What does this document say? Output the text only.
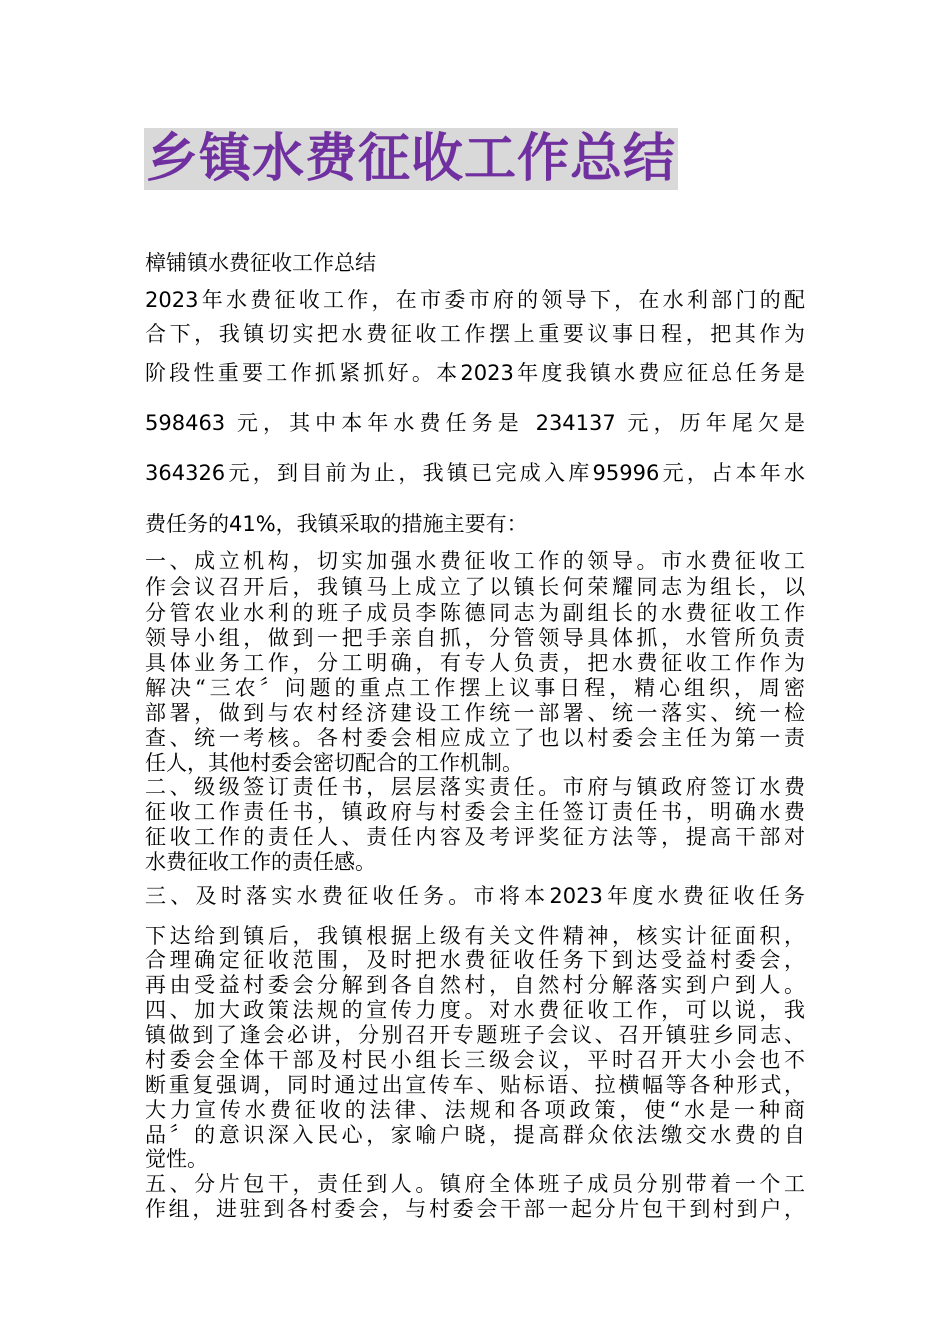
乡镇水费征收工作总结
樟铺镇水费征收工作总结
2023年水费征收工作，在市委市府的领导下，在水利部门的配
合下，我镇切实把水费征收工作摆上重要议事日程，把其作为
阶段性重要工作抓紧抓好。本2023年度我镇水费应征总任务是
598463 元，其中本年水费任务是 234137 元，历年尾欠是
364326元，到目前为止，我镇已完成入库95996元，占本年水
费任务的41%，我镇采取的措施主要有：
一、成立机构，切实加强水费征收工作的领导。市水费征收工
作会议召开后，我镇马上成立了以镇长何荣耀同志为组长，以
分管农业水利的班子成员李陈德同志为副组长的水费征收工作
领导小组，做到一把手亲自抓，分管领导具体抓，水管所负责
具体业务工作，分工明确，有专人负责，把水费征收工作作为
解决“三农〞问题的重点工作摆上议事日程，精心组织，周密
部署，做到与农村经济建设工作统一部署、统一落实、统一检
查、统一考核。各村委会相应成立了也以村委会主任为第一责
任人，其他村委会密切配合的工作机制。
二、级级签订责任书，层层落实责任。市府与镇政府签订水费
征收工作责任书，镇政府与村委会主任签订责任书，明确水费
征收工作的责任人、责任内容及考评奖征方法等，提高干部对
水费征收工作的责任感。
三、及时落实水费征收任务。市将本2023年度水费征收任务
下达给到镇后，我镇根据上级有关文件精神，核实计征面积，
合理确定征收范围，及时把水费征收任务下到达受益村委会，
再由受益村委会分解到各自然村，自然村分解落实到户到人。
四、加大政策法规的宣传力度。对水费征收工作，可以说，我
镇做到了逢会必讲，分别召开专题班子会议、召开镇驻乡同志、
村委会全体干部及村民小组长三级会议，平时召开大小会也不
断重复强调，同时通过出宣传车、贴标语、拉横幅等各种形式，
大力宣传水费征收的法律、法规和各项政策，使“水是一种商
品〞的意识深入民心，家喻户晓，提高群众依法缴交水费的自
觉性。
五、分片包干，责任到人。镇府全体班子成员分别带着一个工
作组，进驻到各村委会，与村委会干部一起分片包干到村到户，
